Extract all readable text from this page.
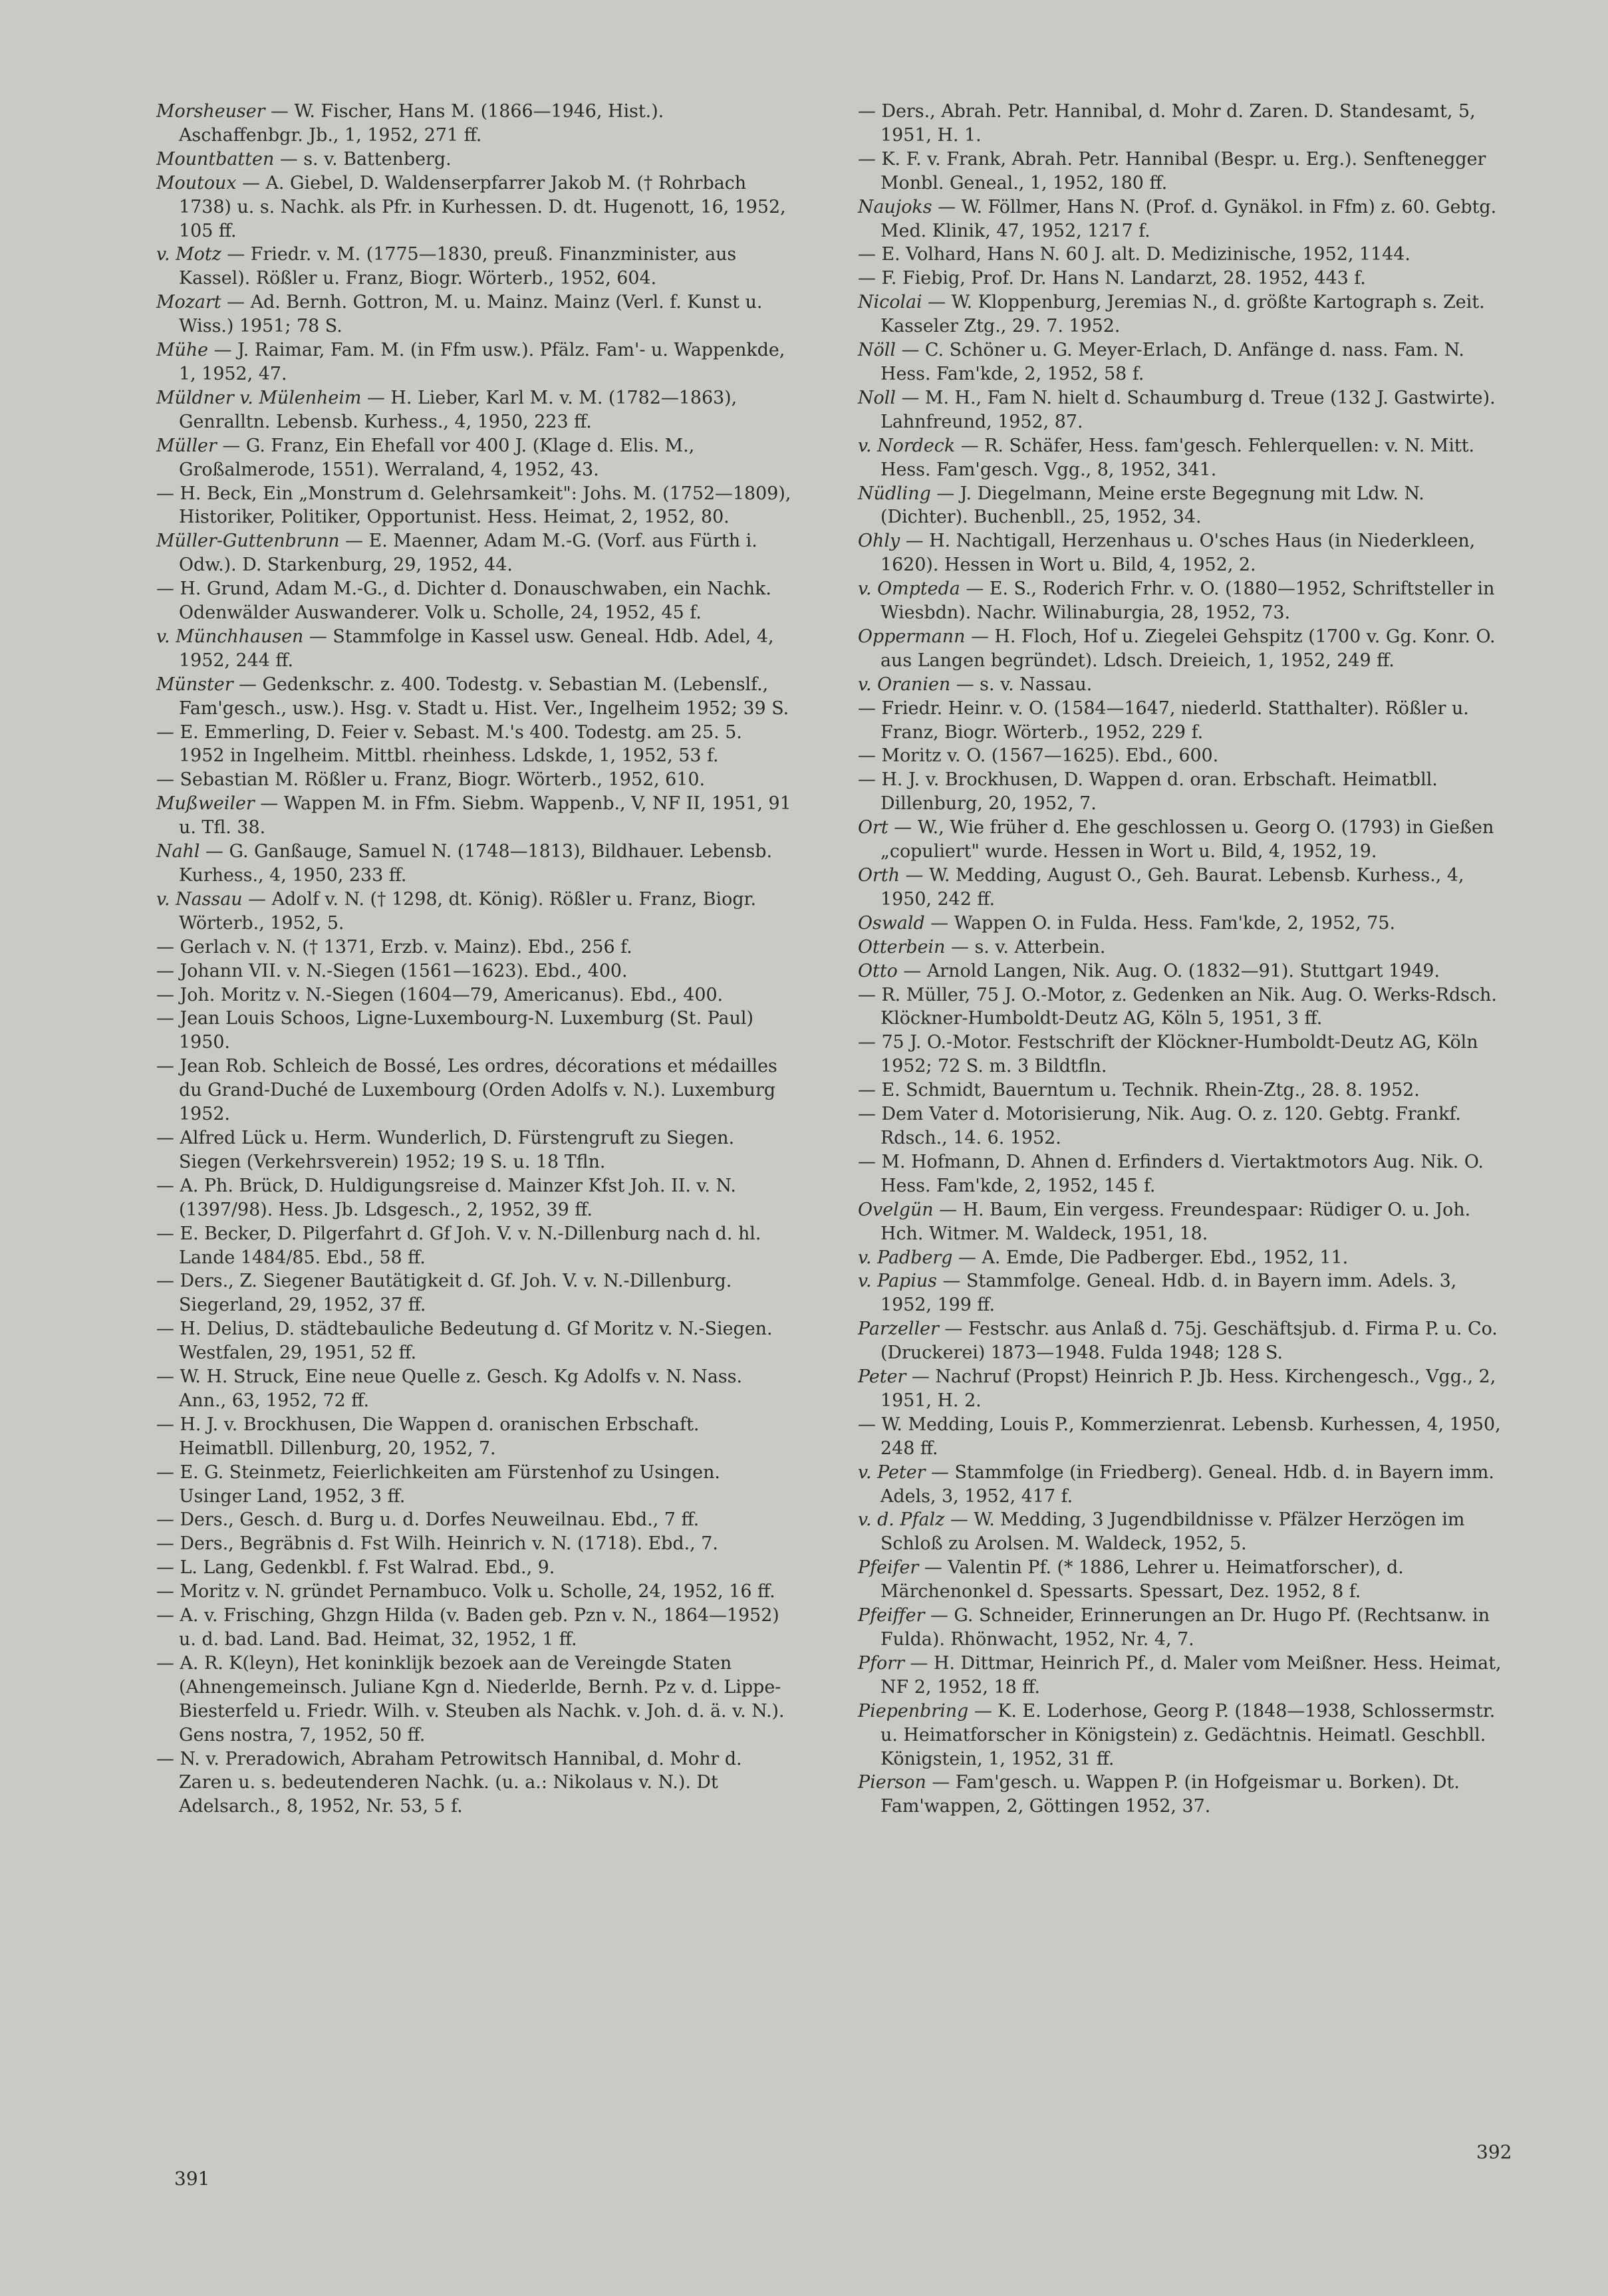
Morsheuser — W. Fischer, Hans M. (1866—1946, Hist.). Aschaffenbgr. Jb., 1, 1952, 271 ff.
Mountbatten — s. v. Battenberg.
Moutoux — A. Giebel, D. Waldenserpfarrer Jakob M. († Rohrbach 1738) u. s. Nachk. als Pfr. in Kurhessen. D. dt. Hugenott, 16, 1952, 105 ff.
v. Motz — Friedr. v. M. (1775—1830, preuß. Finanzminister, aus Kassel). Rößler u. Franz, Biogr. Wörterb., 1952, 604.
Mozart — Ad. Bernh. Gottron, M. u. Mainz. Mainz (Verl. f. Kunst u. Wiss.) 1951; 78 S.
Mühe — J. Raimar, Fam. M. (in Ffm usw.). Pfälz. Fam'- u. Wappenkde, 1, 1952, 47.
Müldner v. Mülenheim — H. Lieber, Karl M. v. M. (1782—1863), Genralltn. Lebensb. Kurhess., 4, 1950, 223 ff.
Müller — G. Franz, Ein Ehefall vor 400 J. (Klage d. Elis. M., Großalmerode, 1551). Werraland, 4, 1952, 43.
— H. Beck, Ein „Monstrum d. Gelehrsamkeit": Johs. M. (1752—1809), Historiker, Politiker, Opportunist. Hess. Heimat, 2, 1952, 80.
Müller-Guttenbrunn — E. Maenner, Adam M.-G. (Vorf. aus Fürth i. Odw.). D. Starkenburg, 29, 1952, 44.
— H. Grund, Adam M.-G., d. Dichter d. Donauschwaben, ein Nachk. Odenwälder Auswanderer. Volk u. Scholle, 24, 1952, 45 f.
v. Münchhausen — Stammfolge in Kassel usw. Geneal. Hdb. Adel, 4, 1952, 244 ff.
Münster — Gedenkschr. z. 400. Todestg. v. Sebastian M. (Lebenslf., Fam'gesch., usw.). Hsg. v. Stadt u. Hist. Ver., Ingelheim 1952; 39 S.
— E. Emmerling, D. Feier v. Sebast. M.'s 400. Todestg. am 25. 5. 1952 in Ingelheim. Mittbl. rheinhess. Ldskde, 1, 1952, 53 f.
— Sebastian M. Rößler u. Franz, Biogr. Wörterb., 1952, 610.
Mußweiler — Wappen M. in Ffm. Siebm. Wappenb., V, NF II, 1951, 91 u. Tfl. 38.
Nahl — G. Ganßauge, Samuel N. (1748—1813), Bildhauer. Lebensb. Kurhess., 4, 1950, 233 ff.
v. Nassau — Adolf v. N. († 1298, dt. König). Rößler u. Franz, Biogr. Wörterb., 1952, 5.
— Gerlach v. N. († 1371, Erzb. v. Mainz). Ebd., 256 f.
— Johann VII. v. N.-Siegen (1561—1623). Ebd., 400.
— Joh. Moritz v. N.-Siegen (1604—79, Americanus). Ebd., 400.
— Jean Louis Schoos, Ligne-Luxembourg-N. Luxemburg (St. Paul) 1950.
— Jean Rob. Schleich de Bossé, Les ordres, décorations et médailles du Grand-Duché de Luxembourg (Orden Adolfs v. N.). Luxemburg 1952.
— Alfred Lück u. Herm. Wunderlich, D. Fürstengruft zu Siegen. Siegen (Verkehrsverein) 1952; 19 S. u. 18 Tfln.
— A. Ph. Brück, D. Huldigungsreise d. Mainzer Kfst Joh. II. v. N. (1397/98). Hess. Jb. Ldsgesch., 2, 1952, 39 ff.
— E. Becker, D. Pilgerfahrt d. Gf Joh. V. v. N.-Dillenburg nach d. hl. Lande 1484/85. Ebd., 58 ff.
— Ders., Z. Siegener Bautätigkeit d. Gf. Joh. V. v. N.-Dillenburg. Siegerland, 29, 1952, 37 ff.
— H. Delius, D. städtebauliche Bedeutung d. Gf Moritz v. N.-Siegen. Westfalen, 29, 1951, 52 ff.
— W. H. Struck, Eine neue Quelle z. Gesch. Kg Adolfs v. N. Nass. Ann., 63, 1952, 72 ff.
— H. J. v. Brockhusen, Die Wappen d. oranischen Erbschaft. Heimatbll. Dillenburg, 20, 1952, 7.
— E. G. Steinmetz, Feierlichkeiten am Fürstenhof zu Usingen. Usinger Land, 1952, 3 ff.
— Ders., Gesch. d. Burg u. d. Dorfes Neuweilnau. Ebd., 7 ff.
— Ders., Begräbnis d. Fst Wilh. Heinrich v. N. (1718). Ebd., 7.
— L. Lang, Gedenkbl. f. Fst Walrad. Ebd., 9.
— Moritz v. N. gründet Pernambuco. Volk u. Scholle, 24, 1952, 16 ff.
— A. v. Frisching, Ghzgn Hilda (v. Baden geb. Pzn v. N., 1864—1952) u. d. bad. Land. Bad. Heimat, 32, 1952, 1 ff.
— A. R. K(leyn), Het koninklijk bezoek aan de Vereingde Staten (Ahnengemeinsch. Juliane Kgn d. Niederlde, Bernh. Pz v. d. Lippe-Biesterfeld u. Friedr. Wilh. v. Steuben als Nachk. v. Joh. d. ä. v. N.). Gens nostra, 7, 1952, 50 ff.
— N. v. Preradowich, Abraham Petrowitsch Hannibal, d. Mohr d. Zaren u. s. bedeutenderen Nachk. (u. a.: Nikolaus v. N.). Dt Adelsarch., 8, 1952, Nr. 53, 5 f.
— Ders., Abrah. Petr. Hannibal, d. Mohr d. Zaren. D. Standesamt, 5, 1951, H. 1.
— K. F. v. Frank, Abrah. Petr. Hannibal (Bespr. u. Erg.). Senftenegger Monbl. Geneal., 1, 1952, 180 ff.
Naujoks — W. Föllmer, Hans N. (Prof. d. Gynäkol. in Ffm) z. 60. Gebtg. Med. Klinik, 47, 1952, 1217 f.
— E. Volhard, Hans N. 60 J. alt. D. Medizinische, 1952, 1144.
— F. Fiebig, Prof. Dr. Hans N. Landarzt, 28. 1952, 443 f.
Nicolai — W. Kloppenburg, Jeremias N., d. größte Kartograph s. Zeit. Kasseler Ztg., 29. 7. 1952.
Nöll — C. Schöner u. G. Meyer-Erlach, D. Anfänge d. nass. Fam. N. Hess. Fam'kde, 2, 1952, 58 f.
Noll — M. H., Fam N. hielt d. Schaumburg d. Treue (132 J. Gastwirte). Lahnfreund, 1952, 87.
v. Nordeck — R. Schäfer, Hess. fam'gesch. Fehlerquellen: v. N. Mitt. Hess. Fam'gesch. Vgg., 8, 1952, 341.
Nüdling — J. Diegelmann, Meine erste Begegnung mit Ldw. N. (Dichter). Buchenbll., 25, 1952, 34.
Ohly — H. Nachtigall, Herzenhaus u. O'sches Haus (in Niederkleen, 1620). Hessen in Wort u. Bild, 4, 1952, 2.
v. Ompteda — E. S., Roderich Frhr. v. O. (1880—1952, Schriftsteller in Wiesbdn). Nachr. Wilinaburgia, 28, 1952, 73.
Oppermann — H. Floch, Hof u. Ziegelei Gehspitz (1700 v. Gg. Konr. O. aus Langen begründet). Ldsch. Dreieich, 1, 1952, 249 ff.
v. Oranien — s. v. Nassau.
— Friedr. Heinr. v. O. (1584—1647, niederld. Statthalter). Rößler u. Franz, Biogr. Wörterb., 1952, 229 f.
— Moritz v. O. (1567—1625). Ebd., 600.
— H. J. v. Brockhusen, D. Wappen d. oran. Erbschaft. Heimatbll. Dillenburg, 20, 1952, 7.
Ort — W., Wie früher d. Ehe geschlossen u. Georg O. (1793) in Gießen „copuliert" wurde. Hessen in Wort u. Bild, 4, 1952, 19.
Orth — W. Medding, August O., Geh. Baurat. Lebensb. Kurhess., 4, 1950, 242 ff.
Oswald — Wappen O. in Fulda. Hess. Fam'kde, 2, 1952, 75.
Otterbein — s. v. Atterbein.
Otto — Arnold Langen, Nik. Aug. O. (1832—91). Stuttgart 1949.
— R. Müller, 75 J. O.-Motor, z. Gedenken an Nik. Aug. O. Werks-Rdsch. Klöckner-Humboldt-Deutz AG, Köln 5, 1951, 3 ff.
— 75 J. O.-Motor. Festschrift der Klöckner-Humboldt-Deutz AG, Köln 1952; 72 S. m. 3 Bildtfln.
— E. Schmidt, Bauerntum u. Technik. Rhein-Ztg., 28. 8. 1952.
— Dem Vater d. Motorisierung, Nik. Aug. O. z. 120. Gebtg. Frankf. Rdsch., 14. 6. 1952.
— M. Hofmann, D. Ahnen d. Erfinders d. Viertaktmotors Aug. Nik. O. Hess. Fam'kde, 2, 1952, 145 f.
Ovelgün — H. Baum, Ein vergess. Freundespaar: Rüdiger O. u. Joh. Hch. Witmer. M. Waldeck, 1951, 18.
v. Padberg — A. Emde, Die Padberger. Ebd., 1952, 11.
v. Papius — Stammfolge. Geneal. Hdb. d. in Bayern imm. Adels. 3, 1952, 199 ff.
Parzeller — Festschr. aus Anlaß d. 75j. Geschäftsjub. d. Firma P. u. Co. (Druckerei) 1873—1948. Fulda 1948; 128 S.
Peter — Nachruf (Propst) Heinrich P. Jb. Hess. Kirchengesch., Vgg., 2, 1951, H. 2.
— W. Medding, Louis P., Kommerzienrat. Lebensb. Kurhessen, 4, 1950, 248 ff.
v. Peter — Stammfolge (in Friedberg). Geneal. Hdb. d. in Bayern imm. Adels, 3, 1952, 417 f.
v. d. Pfalz — W. Medding, 3 Jugendbildnisse v. Pfälzer Herzögen im Schloß zu Arolsen. M. Waldeck, 1952, 5.
Pfeifer — Valentin Pf. (* 1886, Lehrer u. Heimatforscher), d. Märchenonkel d. Spessarts. Spessart, Dez. 1952, 8 f.
Pfeiffer — G. Schneider, Erinnerungen an Dr. Hugo Pf. (Rechtsanw. in Fulda). Rhönwacht, 1952, Nr. 4, 7.
Pforr — H. Dittmar, Heinrich Pf., d. Maler vom Meißner. Hess. Heimat, NF 2, 1952, 18 ff.
Piepenbring — K. E. Loderhose, Georg P. (1848—1938, Schlossermstr. u. Heimatforscher in Königstein) z. Gedächtnis. Heimatl. Geschbll. Königstein, 1, 1952, 31 ff.
Pierson — Fam'gesch. u. Wappen P. (in Hofgeismar u. Borken). Dt. Fam'wappen, 2, Göttingen 1952, 37.
391
392
